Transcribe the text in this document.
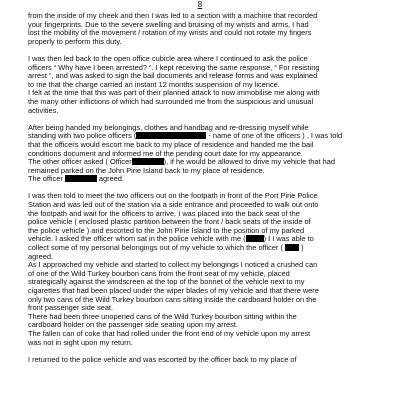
8
from the inside of my cheek and then I was led to a section with a machine that recorded
your fingerprints. Due to the severe swelling and bruising of my wrists and arms, I had
lost the mobility of the movement / rotation of my wrists and could not rotate my fingers
properly to perform this duty.
I was then led back to the open office cubicle area where I continued to ask the police
officers “ Why have I been arrested? “. I kept receiving the same response, “ For resisting
arrest “, and was asked to sign the bail documents and release forms and was explained
to me that the charge carried an instant 12 months suspension of my licence.
I felt at the time that this was part of their planned attack to now immobilise me along with
the many other inflictions of which had surrounded me from the suspicious and unusual
activities.
After being handed my belongings, clothes and handbag and re-dressing myself while
standing with two police officers (	- name of one of the officers ) , I was told
that the officers would escort me back to my place of residence and handed me the bail
conditions document and informed me of the pending court date for my appearance.
The other officer asked ( Officer	), if he would be allowed to drive my vehicle that had
remained parked on the John Pirie Island back to my place of residence.
The officer	agreed.
I was then told to meet the two officers out on the footpath in front of the Port Pirie Police
Station and was led out of the station via a side entrance and proceeded to walk out onto
the footpath and wait for the officers to arrive. I was placed into the back seat of the
police vehicle ( enclosed plastic partition between the front / back seats of the inside of
the police vehicle ) and escorted to the John Pirie Island to the position of my parked
vehicle. I asked the officer whom sat in the police vehicle with me ( ) I I was able to
collect some of my personal belongings out of my vehicle to which the officer (  )
agreed.
As I approached my vehicle and started to collect my belongings I noticed a crushed can
of one of the Wild Turkey bourbon cans from the front seat of my vehicle, placed
strategically against the windscreen at the top of the bonnet of the vehicle next to my
cigarettes that had been placed under the wiper blades of my vehicle and that there were
only two cans of the Wild Turkey bourbon cans sitting inside the cardboard holder on the
front passenger side seat.
There had been three unopened cans of the Wild Turkey bourbon sitting within the
cardboard holder on the passenger side seating upon my arrest.
The fallen can of coke that had rolled under the front end of my vehicle upon my arrest
was not in sight upon my return.
I returned to the police vehicle and was escorted by the officer back to my place of
